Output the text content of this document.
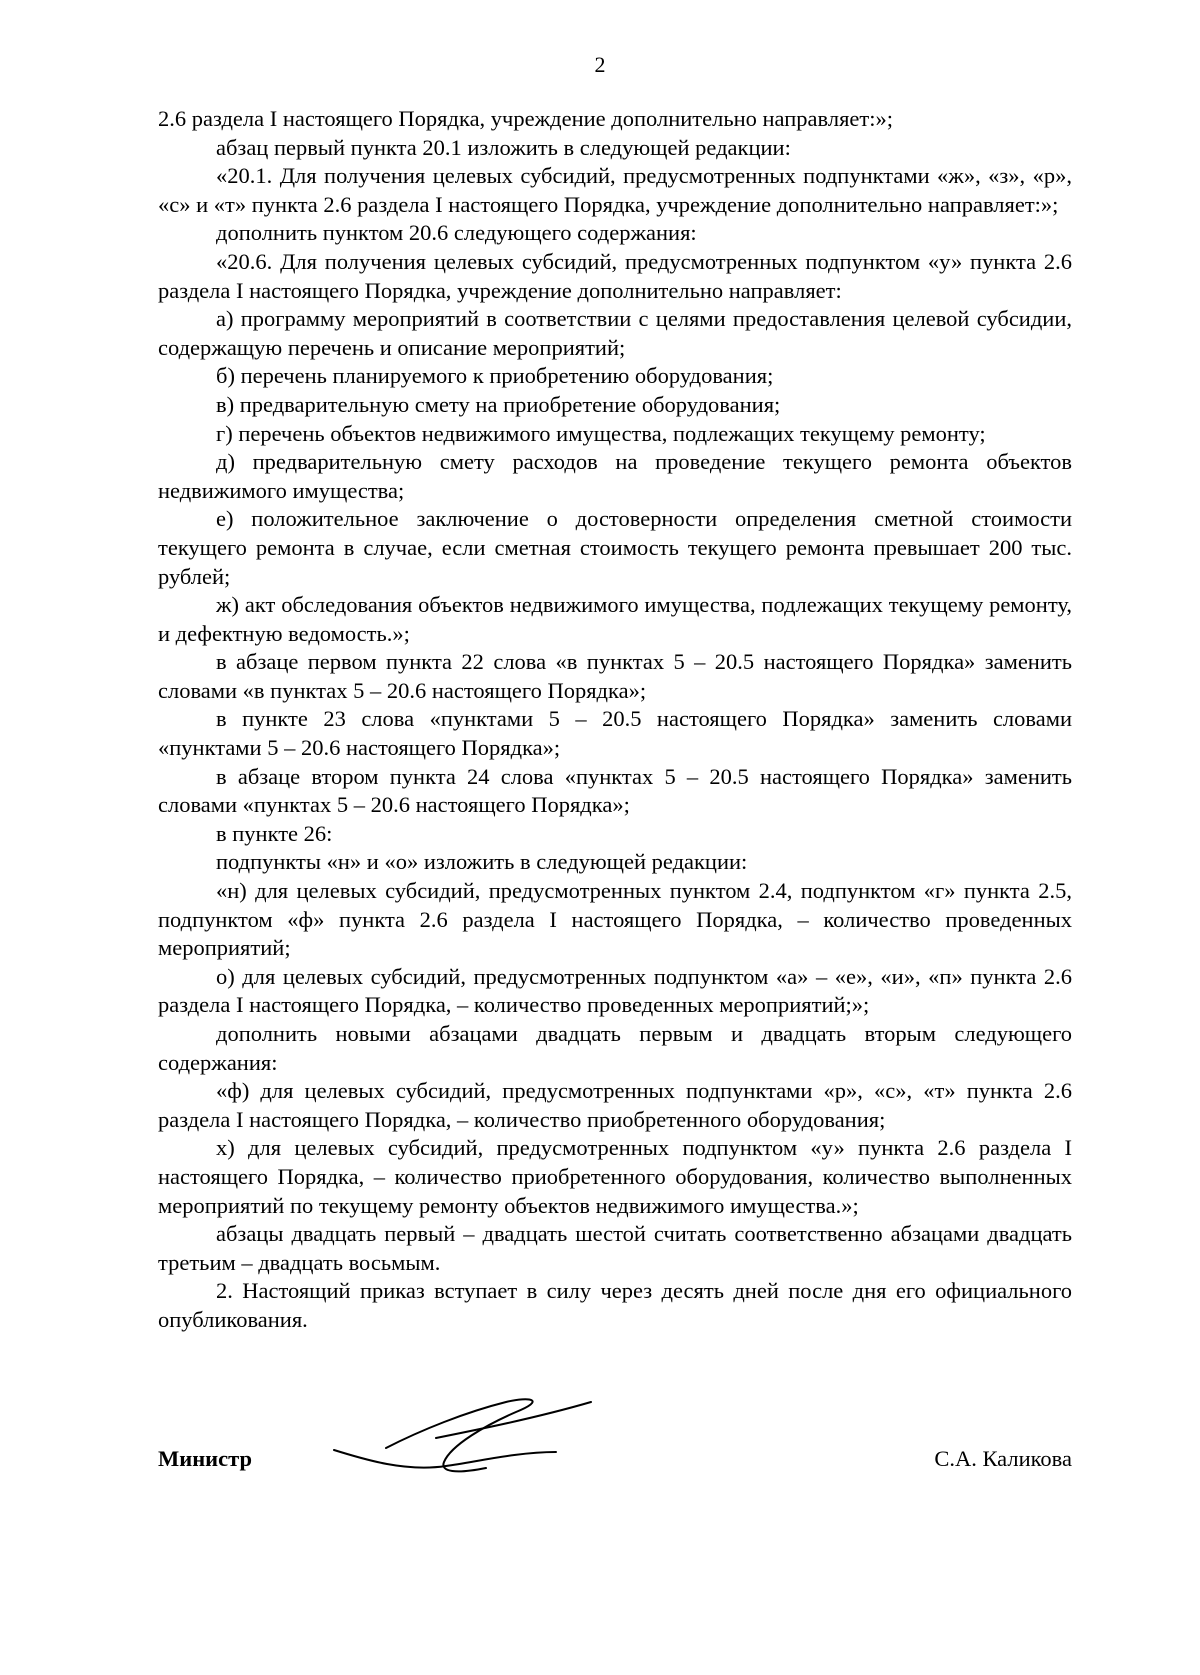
2

2.6 раздела I настоящего Порядка, учреждение дополнительно направляет:»;

абзац первый пункта 20.1 изложить в следующей редакции:

«20.1. Для получения целевых субсидий, предусмотренных подпунктами «ж», «з», «р», «с» и «т» пункта 2.6 раздела I настоящего Порядка, учреждение дополнительно направляет:»;

дополнить пунктом 20.6 следующего содержания:

«20.6. Для получения целевых субсидий, предусмотренных подпунктом «у» пункта 2.6 раздела I настоящего Порядка, учреждение дополнительно направляет:

а) программу мероприятий в соответствии с целями предоставления целевой субсидии, содержащую перечень и описание мероприятий;

б) перечень планируемого к приобретению оборудования;

в) предварительную смету на приобретение оборудования;

г) перечень объектов недвижимого имущества, подлежащих текущему ремонту;

д) предварительную смету расходов на проведение текущего ремонта объектов недвижимого имущества;

е) положительное заключение о достоверности определения сметной стоимости текущего ремонта в случае, если сметная стоимость текущего ремонта превышает 200 тыс. рублей;

ж) акт обследования объектов недвижимого имущества, подлежащих текущему ремонту, и дефектную ведомость.»;

в абзаце первом пункта 22 слова «в пунктах 5 – 20.5 настоящего Порядка» заменить словами «в пунктах 5 – 20.6 настоящего Порядка»;

в пункте 23 слова «пунктами 5 – 20.5 настоящего Порядка» заменить словами «пунктами 5 – 20.6 настоящего Порядка»;

в абзаце втором пункта 24 слова «пунктах 5 – 20.5 настоящего Порядка» заменить словами «пунктах 5 – 20.6 настоящего Порядка»;

в пункте 26:

подпункты «н» и «о» изложить в следующей редакции:

«н) для целевых субсидий, предусмотренных пунктом 2.4, подпунктом «г» пункта 2.5, подпунктом «ф» пункта 2.6 раздела I настоящего Порядка, – количество проведенных мероприятий;

о) для целевых субсидий, предусмотренных подпунктом «а» – «е», «и», «п» пункта 2.6 раздела I настоящего Порядка, – количество проведенных мероприятий;»;

дополнить новыми абзацами двадцать первым и двадцать вторым следующего содержания:

«ф) для целевых субсидий, предусмотренных подпунктами «р», «с», «т» пункта 2.6 раздела I настоящего Порядка, – количество приобретенного оборудования;

х) для целевых субсидий, предусмотренных подпунктом «у» пункта 2.6 раздела I настоящего Порядка, – количество приобретенного оборудования, количество выполненных мероприятий по текущему ремонту объектов недвижимого имущества.»;

абзацы двадцать первый – двадцать шестой считать соответственно абзацами двадцать третьим – двадцать восьмым.

2. Настоящий приказ вступает в силу через десять дней после дня его официального опубликования.

Министр	С.А. Каликова
